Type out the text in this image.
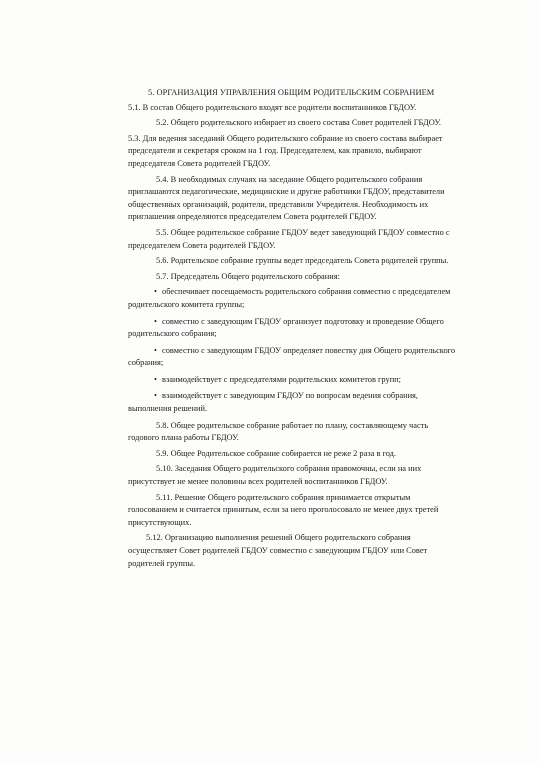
5. ОРГАНИЗАЦИЯ УПРАВЛЕНИЯ ОБЩИМ РОДИТЕЛЬСКИМ СОБРАНИЕМ

5.1. В состав Общего родительского входят все родители воспитанников ГБДОУ.

5.2. Общего родительского избирает из своего состава Совет родителей ГБДОУ.

5.3. Для ведения заседаний Общего родительского собрание из своего состава выбирает председателя и секретаря сроком на 1 год. Председателем, как правило, выбирают председателя Совета родителей ГБДОУ.

5.4. В необходимых случаях на заседание Общего родительского собрания приглашаются педагогические, медицинские и другие работники ГБДОУ, представители общественных организаций, родители, представили Учредителя. Необходимость их приглашения определяются председателем Совета родителей ГБДОУ.

5.5. Общее родительское собрание ГБДОУ ведет заведующий ГБДОУ совместно с председателем Совета родителей ГБДОУ.

5.6. Родительское собрание группы ведет председатель Совета родителей группы.

5.7. Председатель Общего родительского собрания:

• обеспечивает посещаемость родительского собрания совместно с председателем родительского комитета группы;

• совместно с заведующим ГБДОУ организует подготовку и проведение Общего родительского собрания;

• совместно с заведующим ГБДОУ определяет повестку дня Общего родительского собрания;

• взаимодействует с председателями родительских комитетов групп;

• взаимодействует с заведующим ГБДОУ по вопросам ведения собрания, выполнения решений.

5.8. Общее родительское собрание работает по плану, составляющему часть годового плана работы ГБДОУ.

5.9. Общее Родительское собрание собирается не реже 2 раза в год.

5.10. Заседания Общего родительского собрания правомочны, если на них присутствует не менее половины всех родителей воспитанников ГБДОУ.

5.11. Решение Общего родительского собрания принимается открытым голосованием и считается принятым, если за него проголосовало не менее двух третей присутствующих.

5.12. Организацию выполнения решений Общего родительского собрания осуществляет Совет родителей ГБДОУ совместно с заведующим ГБДОУ или Совет родителей группы.
